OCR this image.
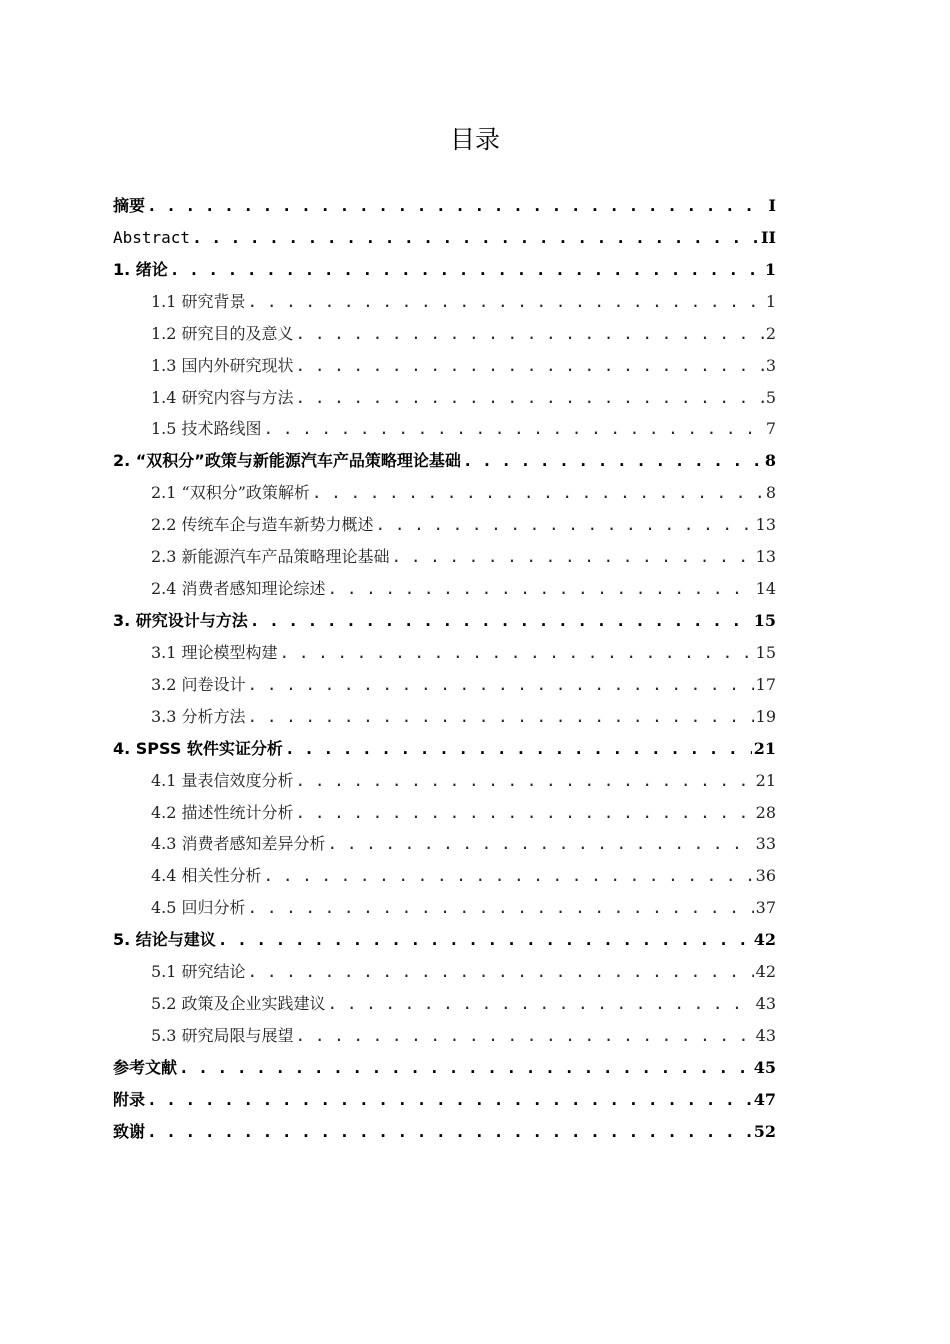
目录
摘要 . . .	I
Abstract . . .	II
1. 绪论 . . .	1
1.1 研究背景 . . .	1
1.2 研究目的及意义 . . .	2
1.3 国内外研究现状 . . .	3
1.4 研究内容与方法 . . .	5
1.5 技术路线图 . . .	7
2. “双积分”政策与新能源汽车产品策略理论基础 . . .	8
2.1 “双积分”政策解析 . . .	8
2.2 传统车企与造车新势力概述 . . .	13
2.3 新能源汽车产品策略理论基础 . . .	13
2.4 消费者感知理论综述 . . .	14
3. 研究设计与方法 . . .	15
3.1 理论模型构建 . . .	15
3.2 问卷设计 . . .	17
3.3 分析方法 . . .	19
4. SPSS 软件实证分析 . . .	21
4.1 量表信效度分析 . . .	21
4.2 描述性统计分析 . . .	28
4.3 消费者感知差异分析 . . .	33
4.4 相关性分析 . . .	36
4.5 回归分析 . . .	37
5. 结论与建议 . . .	42
5.1 研究结论 . . .	42
5.2 政策及企业实践建议 . . .	43
5.3 研究局限与展望 . . .	43
参考文献 . . .	45
附录 . . .	47
致谢 . . .	52
